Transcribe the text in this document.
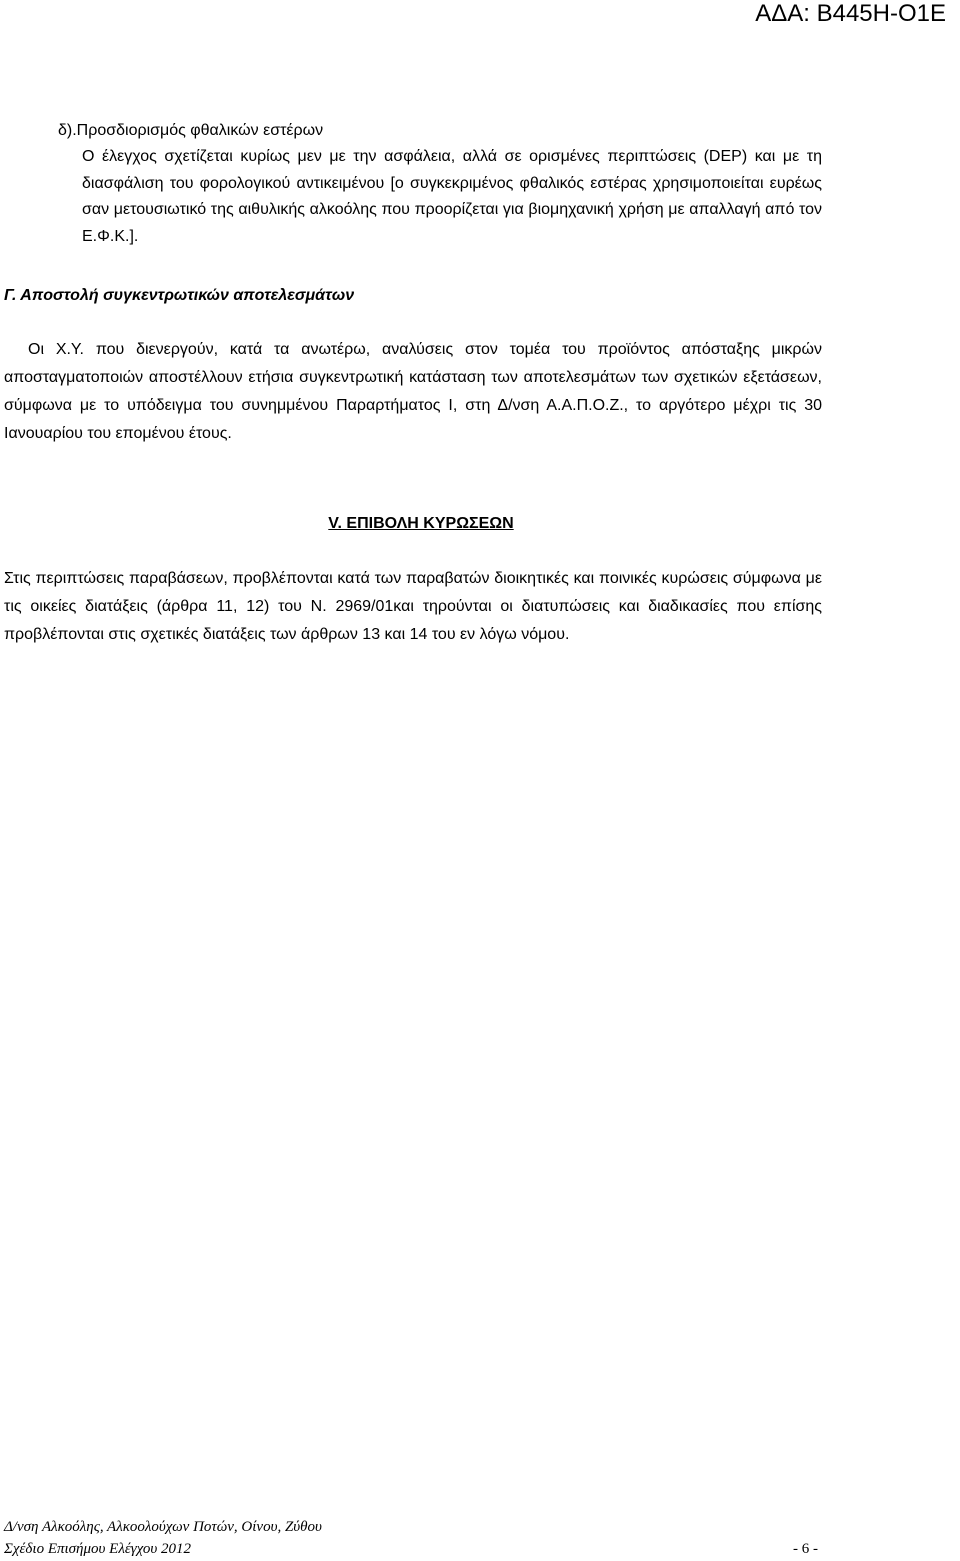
ΑΔΑ: Β445Η-Ο1Ε
δ).Προσδιορισμός φθαλικών εστέρων
Ο έλεγχος σχετίζεται κυρίως μεν με την ασφάλεια, αλλά σε ορισμένες περιπτώσεις (DEP) και με τη διασφάλιση του φορολογικού αντικειμένου [ο συγκεκριμένος φθαλικός εστέρας χρησιμοποιείται ευρέως σαν μετουσιωτικό της αιθυλικής αλκοόλης που προορίζεται για βιομηχανική χρήση με απαλλαγή από τον Ε.Φ.Κ.].
Γ. Αποστολή συγκεντρωτικών αποτελεσμάτων

Οι Χ.Υ. που διενεργούν, κατά τα ανωτέρω, αναλύσεις στον τομέα του προϊόντος απόσταξης μικρών αποσταγματοποιών αποστέλλουν ετήσια συγκεντρωτική κατάσταση των αποτελεσμάτων των σχετικών εξετάσεων, σύμφωνα με το υπόδειγμα του συνημμένου Παραρτήματος Ι, στη Δ/νση Α.Α.Π.Ο.Ζ., το αργότερο μέχρι τις 30 Ιανουαρίου του επομένου έτους.

V. ΕΠΙΒΟΛΗ ΚΥΡΩΣΕΩΝ

Στις περιπτώσεις παραβάσεων, προβλέπονται κατά των παραβατών διοικητικές και ποινικές κυρώσεις σύμφωνα με τις οικείες διατάξεις (άρθρα 11, 12) του Ν. 2969/01και τηρούνται οι διατυπώσεις και διαδικασίες που επίσης προβλέπονται στις σχετικές διατάξεις των άρθρων 13 και 14 του εν λόγω νόμου.

Δ/νση Αλκοόλης, Αλκοολούχων Ποτών, Οίνου, Ζύθου
Σχέδιο Επισήμου Ελέγχου 2012	- 6 -
